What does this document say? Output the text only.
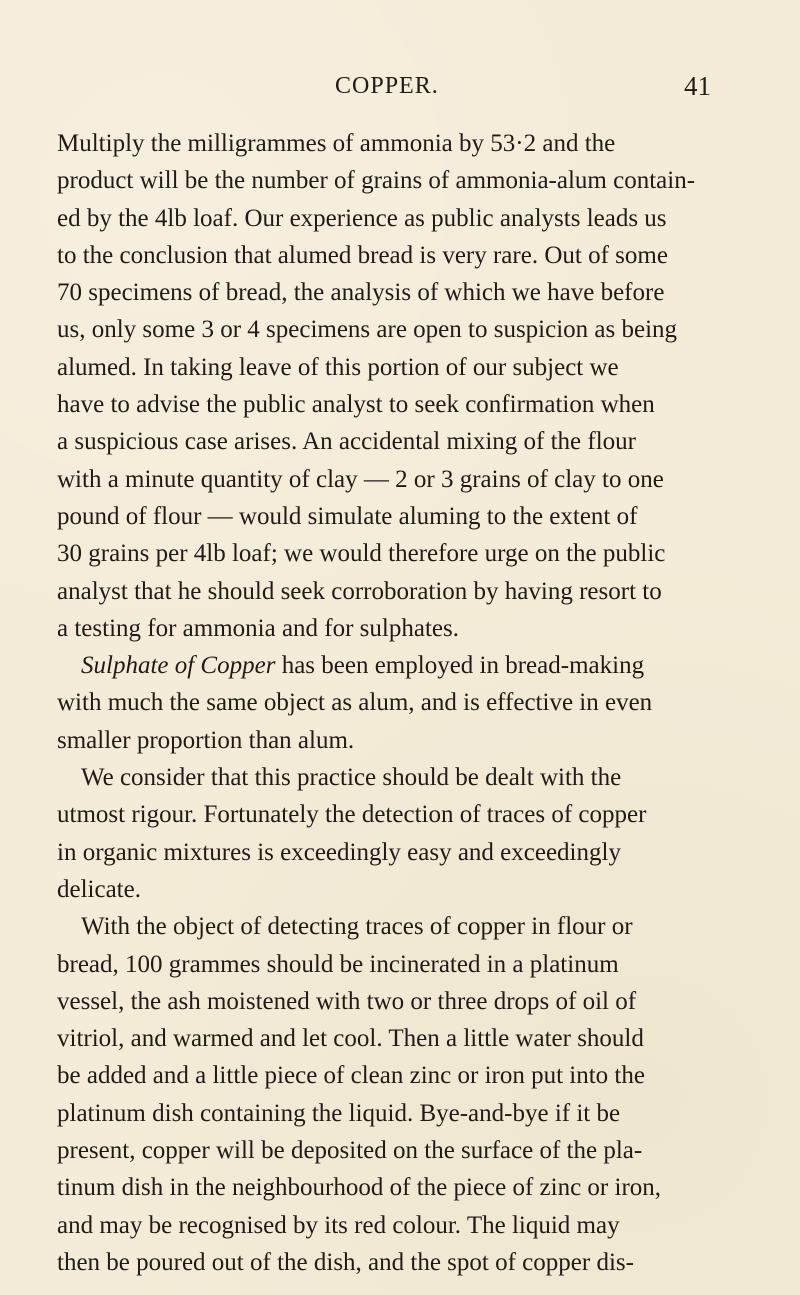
COPPER.	41

Multiply the milligrammes of ammonia by 53·2 and the
product will be the number of grains of ammonia-alum contain-
ed by the 4lb loaf. Our experience as public analysts leads us
to the conclusion that alumed bread is very rare. Out of some
70 specimens of bread, the analysis of which we have before
us, only some 3 or 4 specimens are open to suspicion as being
alumed. In taking leave of this portion of our subject we
have to advise the public analyst to seek confirmation when
a suspicious case arises. An accidental mixing of the flour
with a minute quantity of clay — 2 or 3 grains of clay to one
pound of flour — would simulate aluming to the extent of
30 grains per 4lb loaf; we would therefore urge on the public
analyst that he should seek corroboration by having resort to
a testing for ammonia and for sulphates.

Sulphate of Copper has been employed in bread-making
with much the same object as alum, and is effective in even
smaller proportion than alum.

We consider that this practice should be dealt with the
utmost rigour. Fortunately the detection of traces of copper
in organic mixtures is exceedingly easy and exceedingly
delicate.

With the object of detecting traces of copper in flour or
bread, 100 grammes should be incinerated in a platinum
vessel, the ash moistened with two or three drops of oil of
vitriol, and warmed and let cool. Then a little water should
be added and a little piece of clean zinc or iron put into the
platinum dish containing the liquid. Bye-and-bye if it be
present, copper will be deposited on the surface of the pla-
tinum dish in the neighbourhood of the piece of zinc or iron,
and may be recognised by its red colour. The liquid may
then be poured out of the dish, and the spot of copper dis-
